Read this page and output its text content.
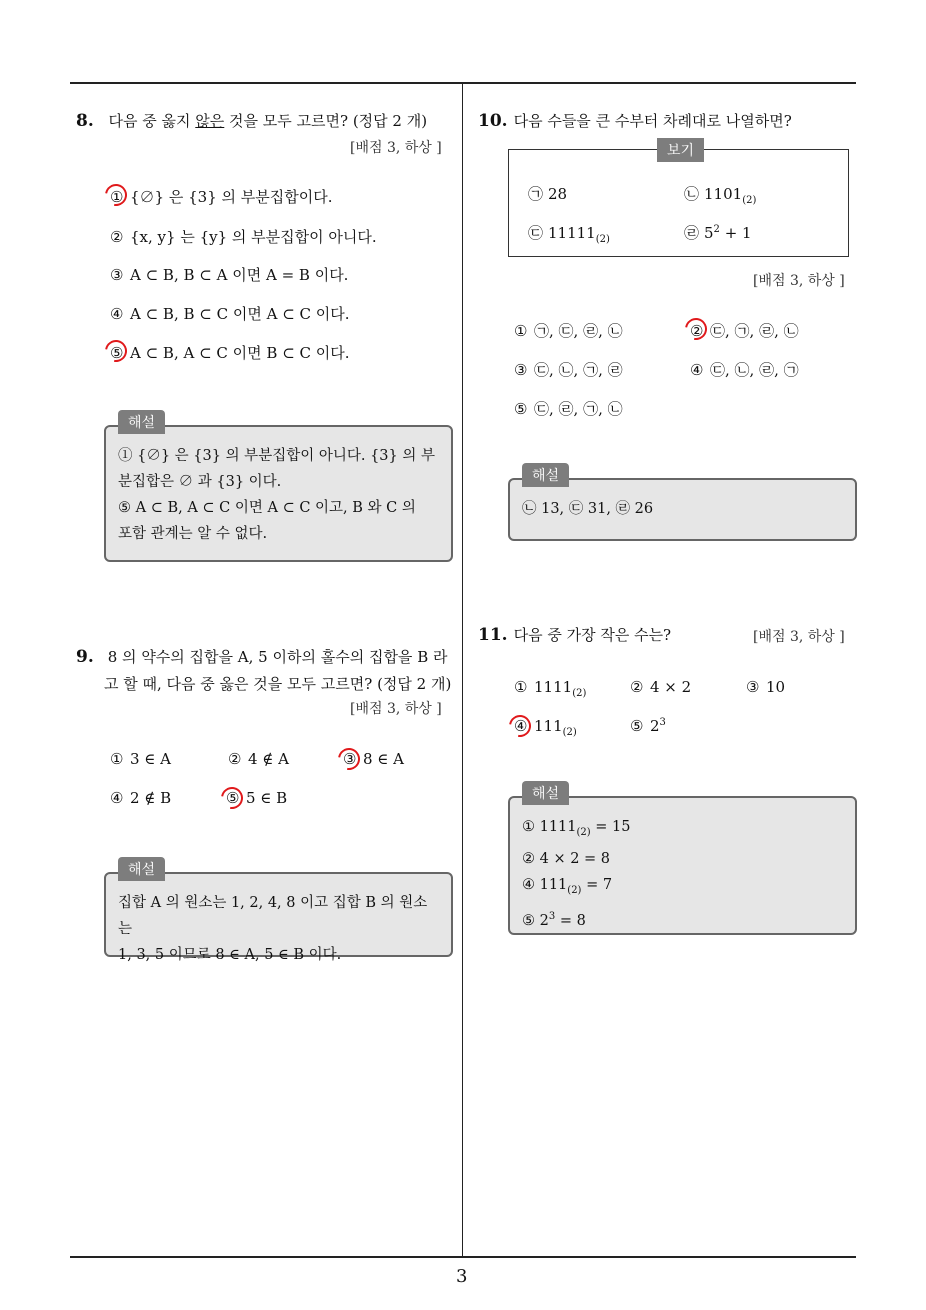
3
8. 다음 중 옳지 않은 것을 모두 고르면? (정답 2 개)
[배점 3, 하상 ]
① {∅} 은 {3} 의 부분집합이다.
② {x, y} 는 {y} 의 부분집합이 아니다.
③ A ⊂ B, B ⊂ A 이면 A = B 이다.
④ A ⊂ B, B ⊂ C 이면 A ⊂ C 이다.
⑤ A ⊂ B, A ⊂ C 이면 B ⊂ C 이다.
① {∅} 은 {3} 의 부분집합이 아니다. {3} 의 부
분집합은 ∅ 과 {3} 이다.
⑤ A ⊂ B, A ⊂ C 이면 A ⊂ C 이고, B 와 C 의
포함 관계는 알 수 없다.
해설
9. 8 의 약수의 집합을 A, 5 이하의 홀수의 집합을 B 라
고 할 때, 다음 중 옳은 것을 모두 고르면? (정답 2 개)
[배점 3, 하상 ]
① 3 ∈ A	② 4 ∉ A	③ 8 ∈ A
④ 2 ∉ B	⑤ 5 ∈ B
집합 A 의 원소는 1, 2, 4, 8 이고 집합 B 의 원소는
1, 3, 5 이므로 8 ∈ A, 5 ∈ B 이다.
해설
10. 다음 수들을 큰 수부터 차례대로 나열하면?
보기
㉠ 28	㉡ $1101_{(2)}$
㉢ $11111_{(2)}$	㉣ $5^2 + 1$
[배점 3, 하상 ]
① ㉠, ㉢, ㉣, ㉡	② ㉢, ㉠, ㉣, ㉡
③ ㉢, ㉡, ㉠, ㉣	④ ㉢, ㉡, ㉣, ㉠
⑤ ㉢, ㉣, ㉠, ㉡
㉡ 13, ㉢ 31, ㉣ 26
해설
11. 다음 중 가장 작은 수는?	[배점 3, 하상 ]
① $1111_{(2)}$	② 4 × 2	③ 10
④ $111_{(2)}$	⑤ $2^3$
① $1111_{(2)} = 15$
② 4 × 2 = 8
④ $111_{(2)} = 7$
⑤ $2^3 = 8$
해설
